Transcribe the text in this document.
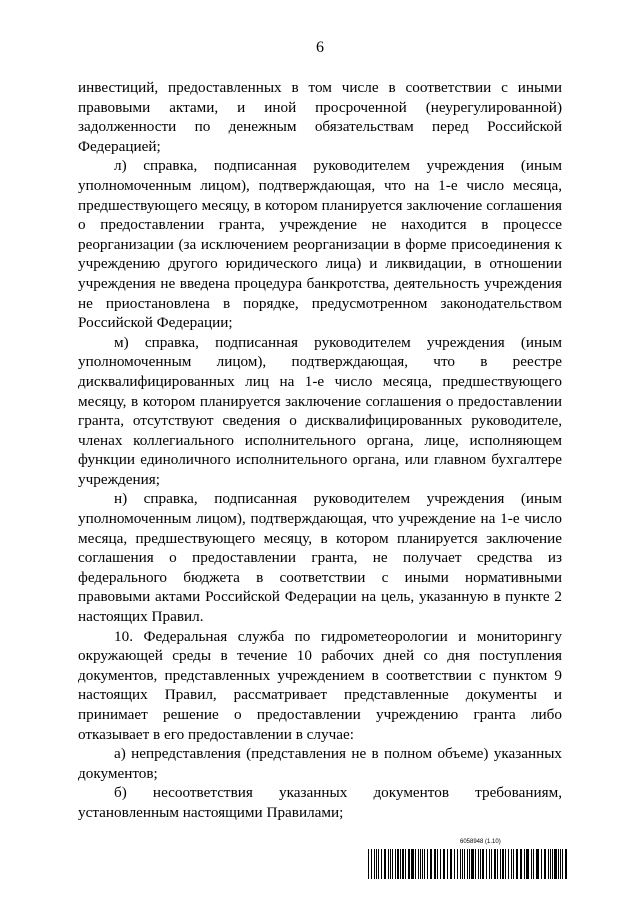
6

инвестиций, предоставленных в том числе в соответствии с иными правовыми актами, и иной просроченной (неурегулированной) задолженности по денежным обязательствам перед Российской Федерацией;

л) справка, подписанная руководителем учреждения (иным уполномоченным лицом), подтверждающая, что на 1-е число месяца, предшествующего месяцу, в котором планируется заключение соглашения о предоставлении гранта, учреждение не находится в процессе реорганизации (за исключением реорганизации в форме присоединения к учреждению другого юридического лица) и ликвидации, в отношении учреждения не введена процедура банкротства, деятельность учреждения не приостановлена в порядке, предусмотренном законодательством Российской Федерации;

м) справка, подписанная руководителем учреждения (иным уполномоченным лицом), подтверждающая, что в реестре дисквалифицированных лиц на 1-е число месяца, предшествующего месяцу, в котором планируется заключение соглашения о предоставлении гранта, отсутствуют сведения о дисквалифицированных руководителе, членах коллегиального исполнительного органа, лице, исполняющем функции единоличного исполнительного органа, или главном бухгалтере учреждения;

н) справка, подписанная руководителем учреждения (иным уполномоченным лицом), подтверждающая, что учреждение на 1-е число месяца, предшествующего месяцу, в котором планируется заключение соглашения о предоставлении гранта, не получает средства из федерального бюджета в соответствии с иными нормативными правовыми актами Российской Федерации на цель, указанную в пункте 2 настоящих Правил.

10. Федеральная служба по гидрометеорологии и мониторингу окружающей среды в течение 10 рабочих дней со дня поступления документов, представленных учреждением в соответствии с пунктом 9 настоящих Правил, рассматривает представленные документы и принимает решение о предоставлении учреждению гранта либо отказывает в его предоставлении в случае:

а) непредставления (представления не в полном объеме) указанных документов;

б) несоответствия указанных документов требованиям, установленным настоящими Правилами;

6058948 (1.10)
